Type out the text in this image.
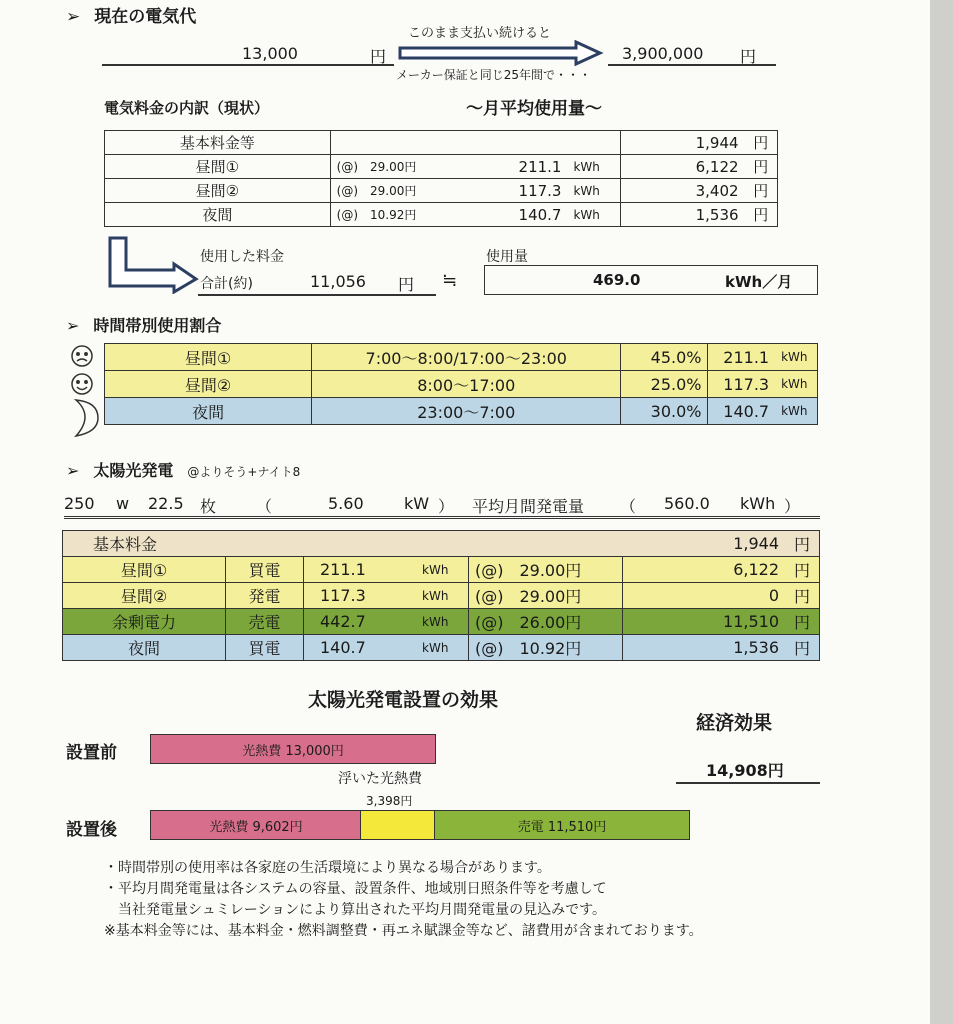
➢ 現在の電気代
13,000	円
このまま支払い続けると
メーカー保証と同じ25年間で・・・
3,900,000 円
電気料金の内訳（現状）	～月平均使用量～
基本料金等				1,944	円
昼間①	(@)　29.00円	211.1	kWh	6,122	円
昼間②	(@)　29.00円	117.3	kWh	3,402	円
夜間	(@)　10.92円	140.7	kWh	1,536	円
使用した料金
合計(約)	11,056 円 ≒
使用量
469.0	kWh／月
➢ 時間帯別使用割合
昼間①	7:00～8:00/17:00～23:00	45.0%	211.1	kWh
昼間②	8:00～17:00	25.0%	117.3	kWh
夜間	23:00～7:00	30.0%	140.7	kWh
➢ 太陽光発電 @よりそう+ナイト8
250 w 22.5 枚 （	5.60	kW ） 平均月間発電量 （ 560.0 kWh ）
基本料金					1,944	円
昼間①	買電	211.1	kWh	(@)　29.00円	6,122	円
昼間②	発電	117.3	kWh	(@)　29.00円	0	円
余剰電力	売電	442.7	kWh	(@)　26.00円	11,510	円
夜間	買電	140.7	kWh	(@)　10.92円	1,536	円
太陽光発電設置の効果
経済効果
14,908円
設置前	光熱費 13,000円
浮いた光熱費
3,398円
設置後	光熱費 9,602円	売電 11,510円
・時間帯別の使用率は各家庭の生活環境により異なる場合があります。
・平均月間発電量は各システムの容量、設置条件、地域別日照条件等を考慮して
　当社発電量シュミレーションにより算出された平均月間発電量の見込みです。
※基本料金等には、基本料金・燃料調整費・再エネ賦課金等など、諸費用が含まれております。
